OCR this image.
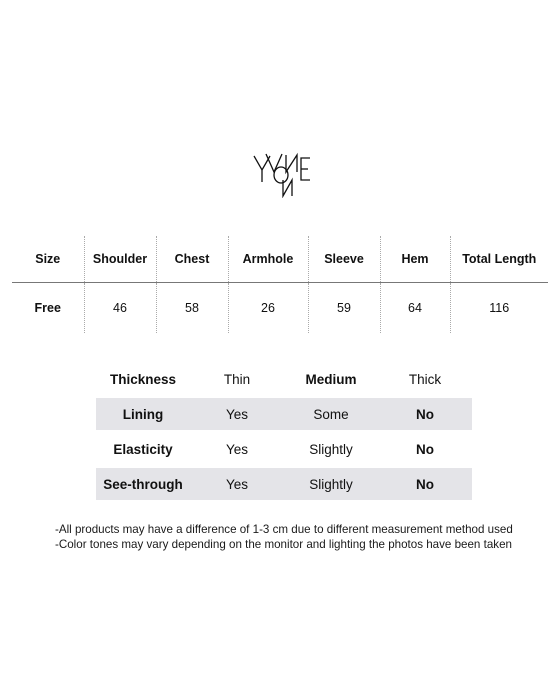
Size	Shoulder	Chest	Armhole	Sleeve	Hem	Total Length
Free	46	58	26	59	64	116
Thickness	Thin	Medium	Thick
Lining	Yes	Some	No
Elasticity	Yes	Slightly	No
See-through	Yes	Slightly	No
-All products may have a difference of 1-3 cm due to different measurement method used
-Color tones may vary depending on the monitor and lighting the photos have been taken
